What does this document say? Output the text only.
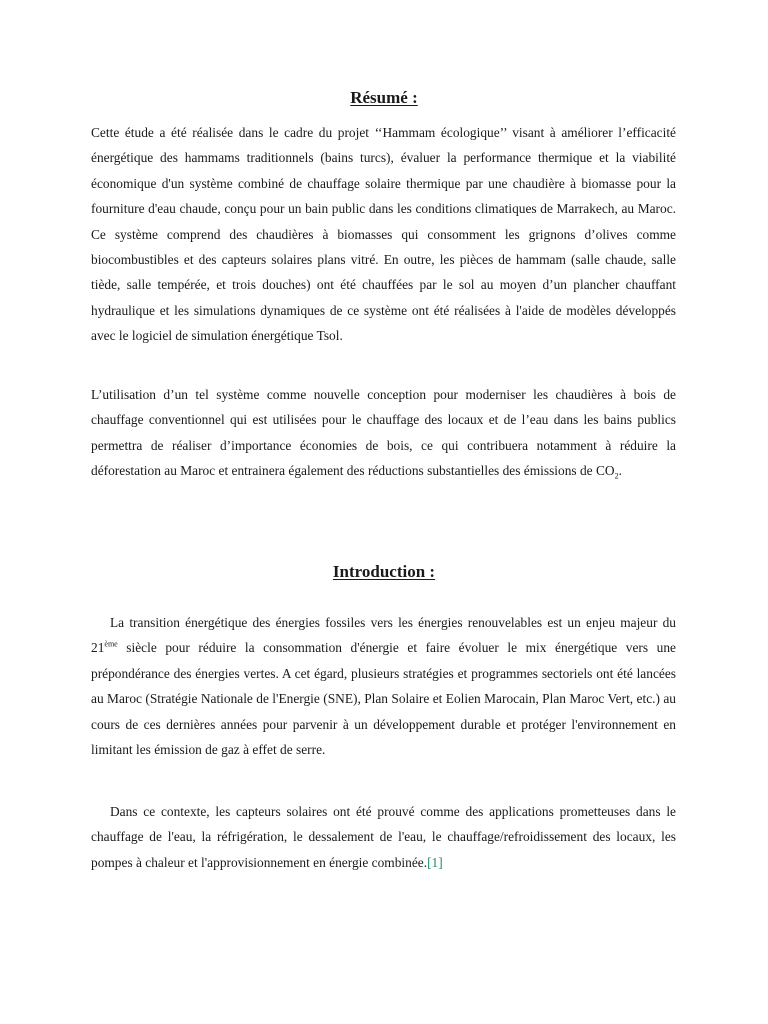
Résumé :

Cette étude a été réalisée dans le cadre du projet ‘‘Hammam écologique’’ visant à améliorer l’efficacité énergétique des hammams traditionnels (bains turcs), évaluer la performance thermique et la viabilité économique d'un système combiné de chauffage solaire thermique par une chaudière à biomasse pour la fourniture d'eau chaude, conçu pour un bain public dans les conditions climatiques de Marrakech, au Maroc. Ce système comprend des chaudières à biomasses qui consomment les grignons d’olives comme biocombustibles et des capteurs solaires plans vitré. En outre, les pièces de hammam (salle chaude, salle tiède, salle tempérée, et trois douches) ont été chauffées par le sol au moyen d’un plancher chauffant hydraulique et les simulations dynamiques de ce système ont été réalisées à l'aide de modèles développés avec le logiciel de simulation énergétique Tsol.

L’utilisation d’un tel système comme nouvelle conception pour moderniser les chaudières à bois de chauffage conventionnel qui est utilisées pour le chauffage des locaux et de l’eau dans les bains publics permettra de réaliser d’importance économies de bois, ce qui contribuera notamment à réduire la déforestation au Maroc et entrainera également des réductions substantielles des émissions de $CO_2$.

Introduction :

La transition énergétique des énergies fossiles vers les énergies renouvelables est un enjeu majeur du 21ème siècle pour réduire la consommation d'énergie et faire évoluer le mix énergétique vers une prépondérance des énergies vertes. A cet égard, plusieurs stratégies et programmes sectoriels ont été lancées au Maroc (Stratégie Nationale de l'Energie (SNE), Plan Solaire et Eolien Marocain, Plan Maroc Vert, etc.) au cours de ces dernières années pour parvenir à un développement durable et protéger l'environnement en limitant les émission de gaz à effet de serre.

Dans ce contexte, les capteurs solaires ont été prouvé comme des applications prometteuses dans le chauffage de l'eau, la réfrigération, le dessalement de l'eau, le chauffage/refroidissement des locaux, les pompes à chaleur et l'approvisionnement en énergie combinée.[1]
